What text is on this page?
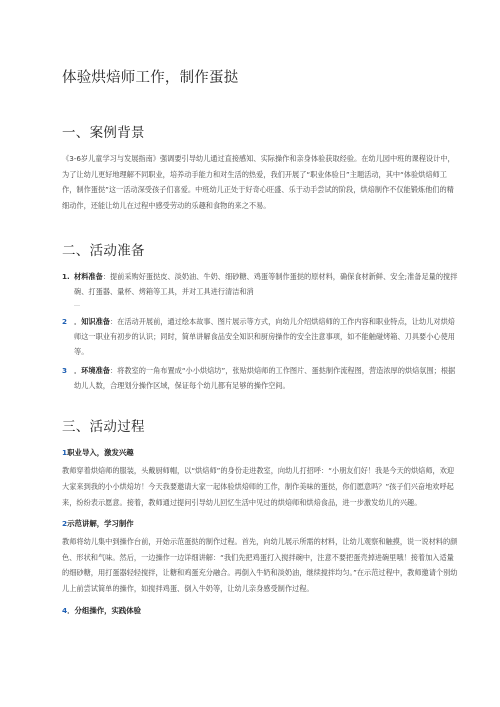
体验烘焙师工作，制作蛋挞
一、案例背景
《3-6岁儿童学习与发展指南》强调要引导幼儿通过直接感知、实际操作和亲身体验获取经验。在幼儿园中班的课程设计中，为了让幼儿更好地理解不同职业，培养动手能力和对生活的热爱，我们开展了“职业体验日”主题活动，其中“体验烘焙师工作，制作蛋挞”这一活动深受孩子们喜爱。中班幼儿正处于好奇心旺盛、乐于动手尝试的阶段，烘焙制作不仅能锻炼他们的精细动作，还能让幼儿在过程中感受劳动的乐趣和食物的来之不易。
二、活动准备
1. 材料准备：提前采购好蛋挞皮、淡奶油、牛奶、细砂糖、鸡蛋等制作蛋挞的原材料，确保食材新鲜、安全;准备足量的搅拌碗、打蛋器、量杯、烤箱等工具，并对工具进行清洁和消
…
2 ．知识准备：在活动开展前，通过绘本故事、图片展示等方式，向幼儿介绍烘焙师的工作内容和职业特点，让幼儿对烘焙师这一职业有初步的认识；同时，简单讲解食品安全知识和厨房操作的安全注意事项，如不能触碰烤箱、刀具要小心使用等。
3 ．环境准备：将教室的一角布置成“小小烘焙坊”，张贴烘焙师的工作图片、蛋挞制作流程图，营造浓厚的烘焙氛围；根据幼儿人数，合理划分操作区域，保证每个幼儿都有足够的操作空间。
三、活动过程
1职业导入，激发兴趣
教师穿着烘焙师的服装，头戴厨师帽，以“烘焙师”的身份走进教室，向幼儿打招呼：“小朋友们好！我是今天的烘焙师，欢迎大家来到我的小小烘焙坊！今天我要邀请大家一起体验烘焙师的工作，制作美味的蛋挞，你们愿意吗？”孩子们兴奋地欢呼起来，纷纷表示愿意。接着，教师通过提问引导幼儿回忆生活中见过的烘焙师和烘焙食品，进一步激发幼儿的兴趣。
2示范讲解，学习制作
教师将幼儿集中到操作台前，开始示范蛋挞的制作过程。首先，向幼儿展示所需的材料，让幼儿观察和触摸，说一说材料的颜色、形状和气味。然后，一边操作一边详细讲解：“我们先把鸡蛋打入搅拌碗中，注意不要把蛋壳掉进碗里哦！接着加入适量的细砂糖，用打蛋器轻轻搅拌，让糖和鸡蛋充分融合。再倒入牛奶和淡奶油，继续搅拌均匀。”在示范过程中，教师邀请个别幼儿上前尝试简单的操作，如搅拌鸡蛋、倒入牛奶等，让幼儿亲身感受制作过程。
4．分组操作，实践体验
